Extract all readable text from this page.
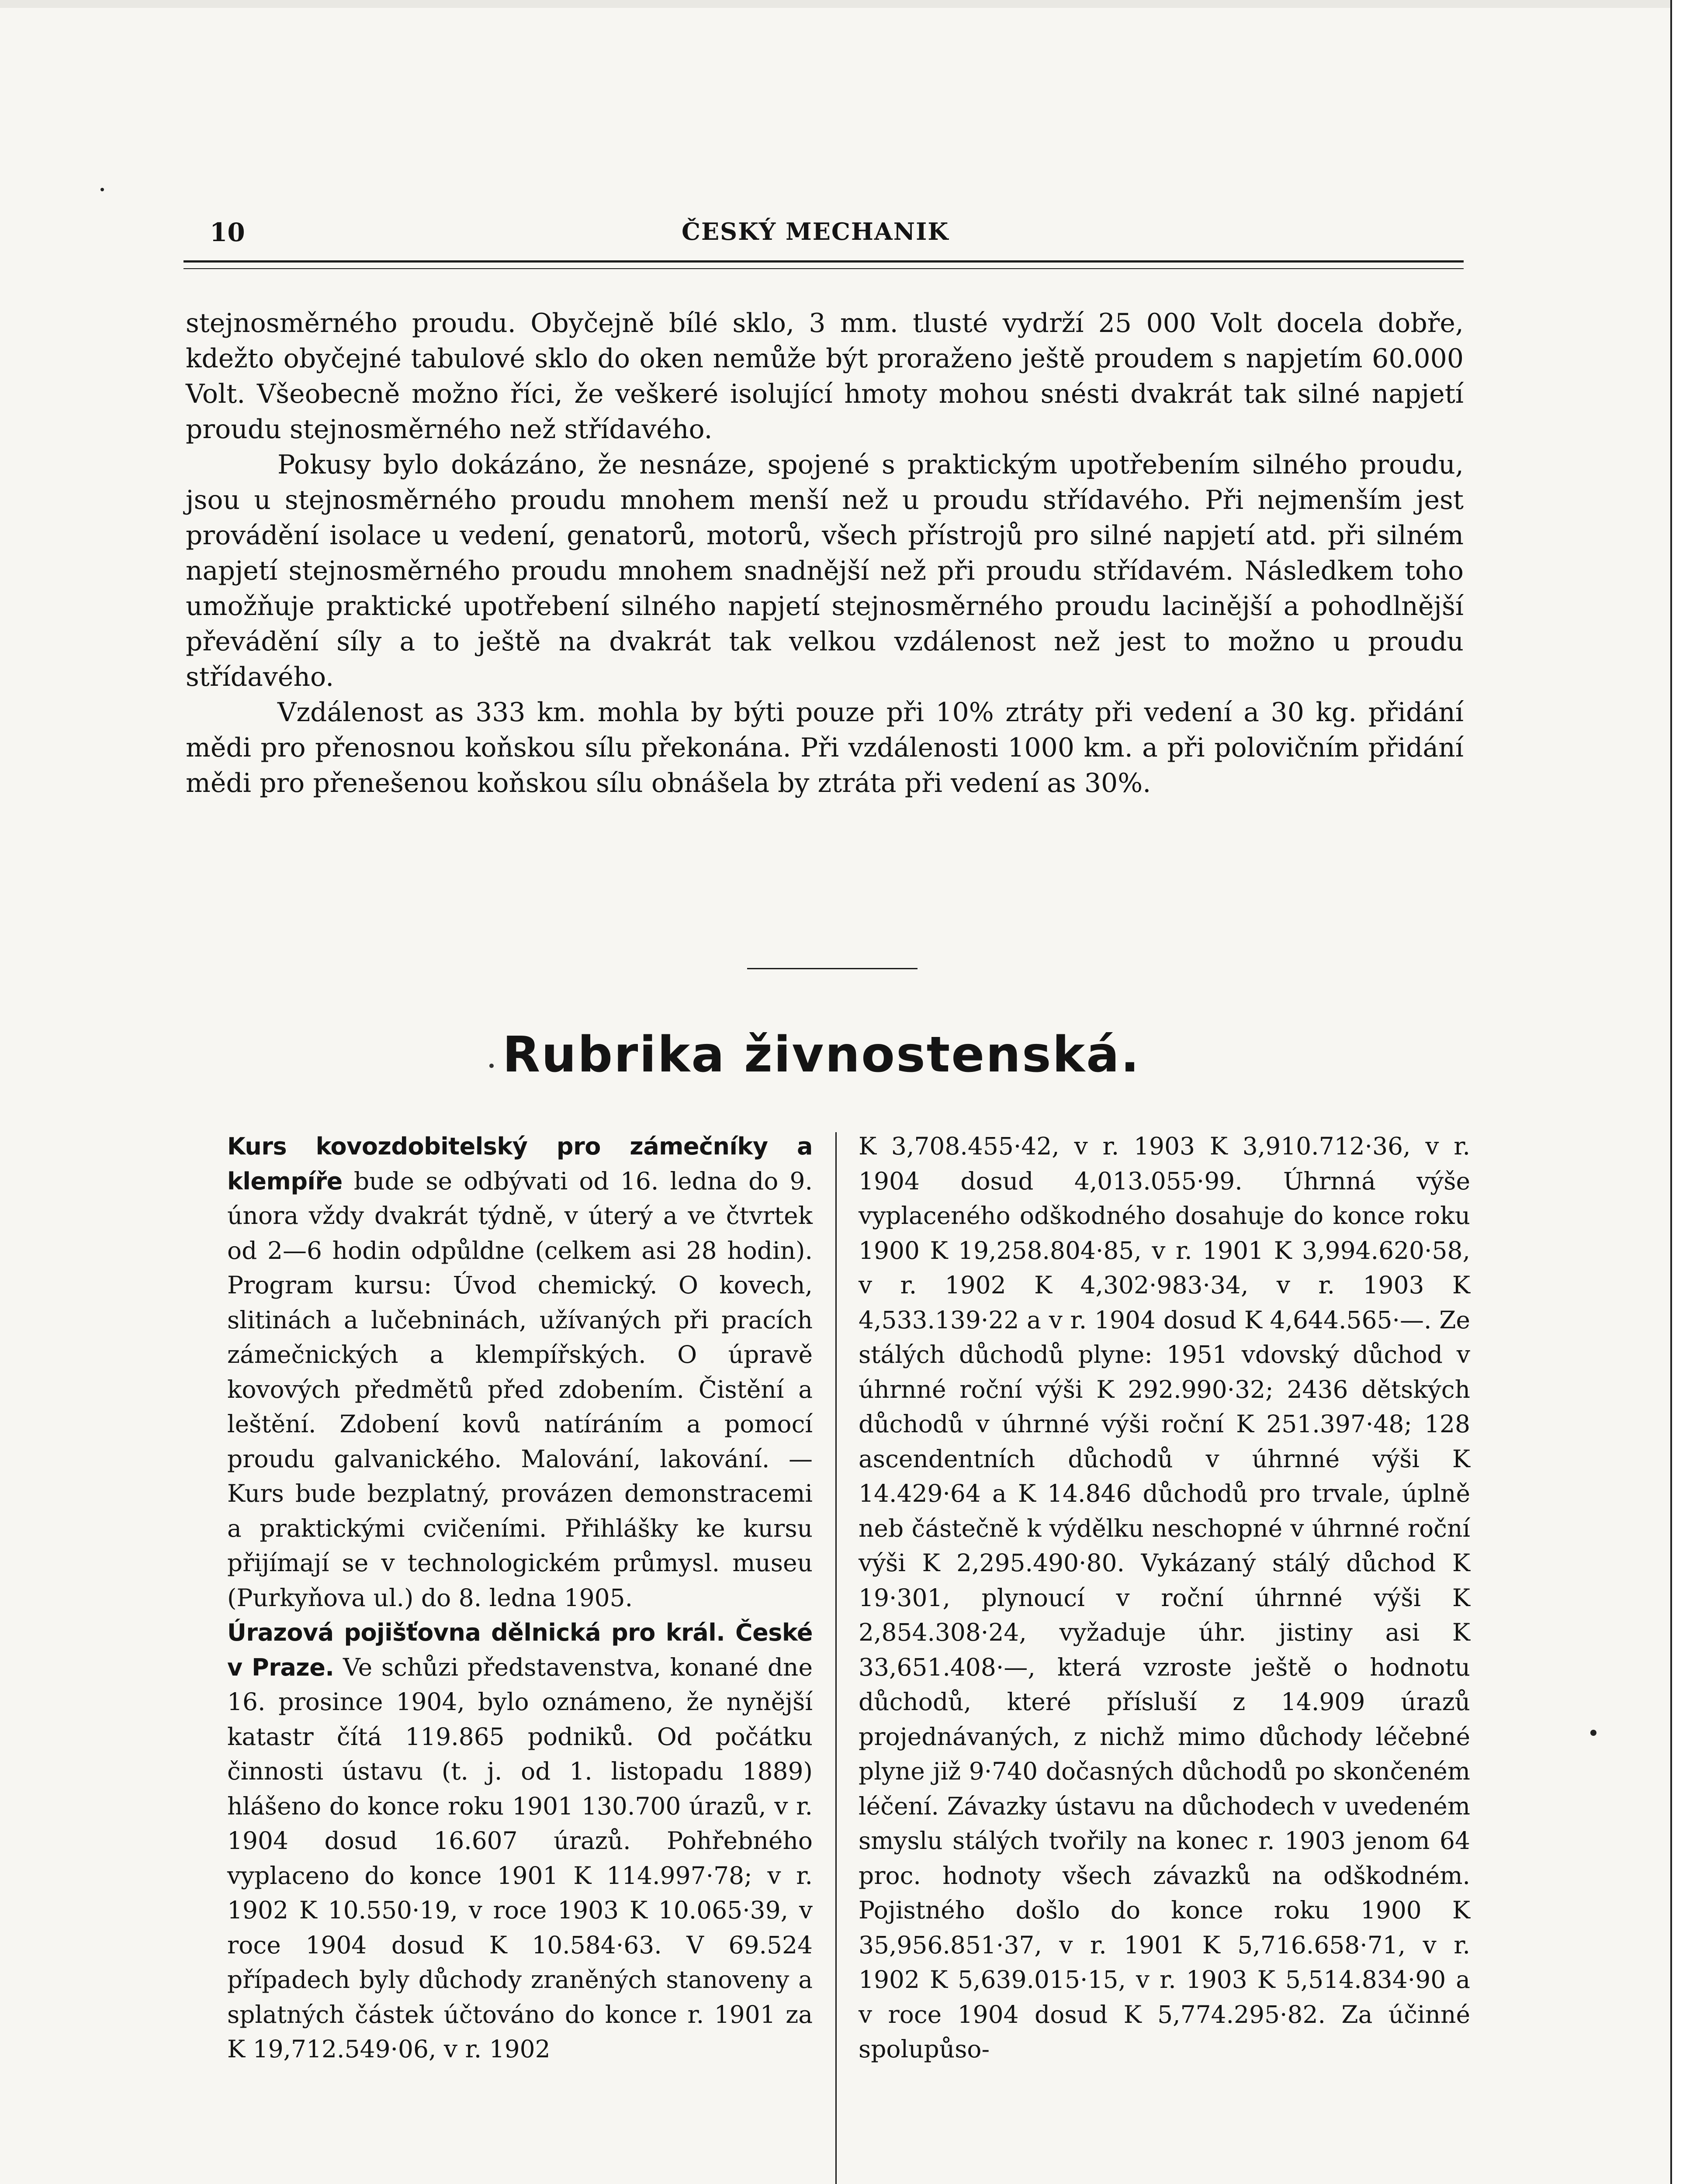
10	ČESKÝ MECHANIK

stejnosměrného proudu. Obyčejně bílé sklo, 3 mm. tlusté vydrží 25 000 Volt docela dobře, kdežto obyčejné tabulové sklo do oken nemůže být proraženo ještě proudem s napjetím 60.000 Volt. Všeobecně možno říci, že veškeré isolující hmoty mohou snésti dvakrát tak silné napjetí proudu stejnosměrného než střídavého.

Pokusy bylo dokázáno, že nesnáze, spojené s praktickým upotřebením silného proudu, jsou u stejnosměrného proudu mnohem menší než u proudu střídavého. Při nejmenším jest provádění isolace u vedení, genatorů, motorů, všech přístrojů pro silné napjetí atd. při silném napjetí stejnosměrného proudu mnohem snadnější než při proudu střídavém. Následkem toho umožňuje praktické upotřebení silného napjetí stejnosměrného proudu lacinější a pohodlnější převádění síly a to ještě na dvakrát tak velkou vzdálenost než jest to možno u proudu střídavého.

Vzdálenost as 333 km. mohla by býti pouze při 10% ztráty při vedení a 30 kg. přidání mědi pro přenosnou koňskou sílu překonána. Při vzdálenosti 1000 km. a při polovičním přidání mědi pro přenešenou koňskou sílu obnášela by ztráta při vedení as 30%.

Rubrika živnostenská.

Kurs kovozdobitelský pro zámečníky a klempíře bude se odbývati od 16. ledna do 9. února vždy dvakrát týdně, v úterý a ve čtvrtek od 2—6 hodin odpůldne (celkem asi 28 hodin). Program kursu: Úvod chemický. O kovech, slitinách a lučebninách, užívaných při pracích zámečnických a klempířských. O úpravě kovových předmětů před zdobením. Čistění a leštění. Zdobení kovů natíráním a pomocí proudu galvanického. Malování, lakování. — Kurs bude bezplatný, provázen demonstracemi a praktickými cvičeními. Přihlášky ke kursu přijímají se v technologickém průmysl. museu (Purkyňova ul.) do 8. ledna 1905.

Úrazová pojišťovna dělnická pro král. České v Praze. Ve schůzi představenstva, konané dne 16. prosince 1904, bylo oznámeno, že nynější katastr čítá 119.865 podniků. Od počátku činnosti ústavu (t. j. od 1. listopadu 1889) hlášeno do konce roku 1901 130.700 úrazů, v r. 1904 dosud 16.607 úrazů. Pohřebného vyplaceno do konce 1901 K 114.997·78; v r. 1902 K 10.550·19, v roce 1903 K 10.065·39, v roce 1904 dosud K 10.584·63. V 69.524 případech byly důchody zraněných stanoveny a splatných částek účtováno do konce r. 1901 za K 19,712.549·06, v r. 1902

K 3,708.455·42, v r. 1903 K 3,910.712·36, v r. 1904 dosud 4,013.055·99. Úhrnná výše vyplaceného odškodného dosahuje do konce roku 1900 K 19,258.804·85, v r. 1901 K 3,994.620·58, v r. 1902 K 4,302·983·34, v r. 1903 K 4,533.139·22 a v r. 1904 dosud K 4,644.565·—. Ze stálých důchodů plyne: 1951 vdovský důchod v úhrnné roční výši K 292.990·32; 2436 dětských důchodů v úhrnné výši roční K 251.397·48; 128 ascendentních důchodů v úhrnné výši K 14.429·64 a K 14.846 důchodů pro trvale, úplně neb částečně k výdělku neschopné v úhrnné roční výši K 2,295.490·80. Vykázaný stálý důchod K 19·301, plynoucí v roční úhrnné výši K 2,854.308·24, vyžaduje úhr. jistiny asi K 33,651.408·—, která vzroste ještě o hodnotu důchodů, které přísluší z 14.909 úrazů projednávaných, z nichž mimo důchody léčebné plyne již 9·740 dočasných důchodů po skončeném léčení. Závazky ústavu na důchodech v uvedeném smyslu stálých tvořily na konec r. 1903 jenom 64 proc. hodnoty všech závazků na odškodném. Pojistného došlo do konce roku 1900 K 35,956.851·37, v r. 1901 K 5,716.658·71, v r. 1902 K 5,639.015·15, v r. 1903 K 5,514.834·90 a v roce 1904 dosud K 5,774.295·82. Za účinné spolupůso-
